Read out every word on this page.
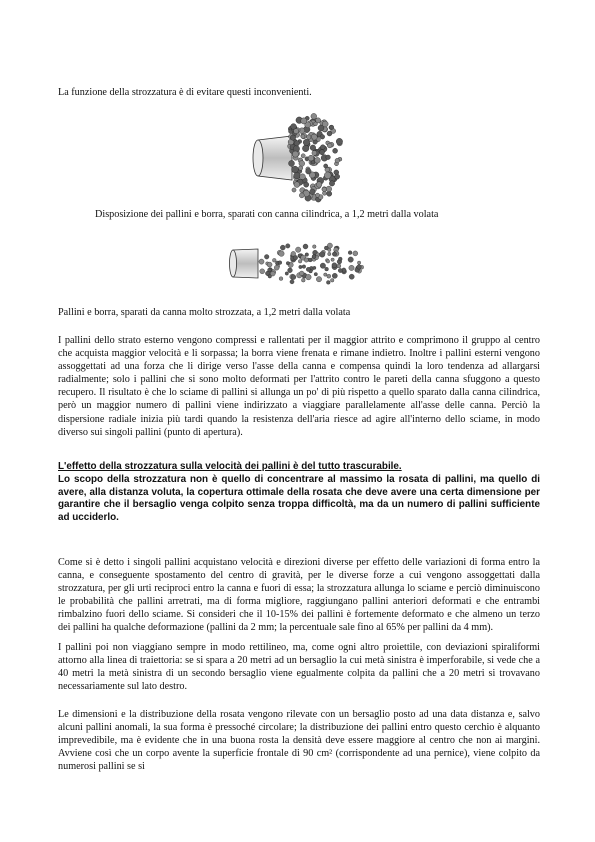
La funzione della strozzatura è di evitare questi inconvenienti.
Disposizione dei pallini e borra, sparati con canna cilindrica, a 1,2 metri dalla volata
Pallini e borra, sparati da canna molto strozzata, a 1,2 metri dalla volata
I pallini dello strato esterno vengono compressi e rallentati per il maggior attrito e comprimono il gruppo al centro che acquista maggior velocità e li sorpassa; la borra viene frenata e rimane indietro. Inoltre i pallini esterni vengono assoggettati ad una forza che li dirige verso l'asse della canna e compensa quindi la loro tendenza ad allargarsi radialmente; solo i pallini che si sono molto deformati per l'attrito contro le pareti della canna sfuggono a questo recupero. Il risultato è che lo sciame di pallini si allunga un po' di più rispetto a quello sparato dalla canna cilindrica, però un maggior numero di pallini viene indirizzato a viaggiare parallelamente all'asse delle canna. Perciò la dispersione radiale inizia più tardi quando la resistenza dell'aria riesce ad agire all'interno dello sciame, in modo diverso sui singoli pallini (punto di apertura).
L'effetto della strozzatura sulla velocità dei pallini è del tutto trascurabile.
Lo scopo della strozzatura non è quello di concentrare al massimo la rosata di pallini, ma quello di avere, alla distanza voluta, la copertura ottimale della rosata che deve avere una certa dimensione per garantire che il bersaglio venga colpito senza troppa difficoltà, ma da un numero di pallini sufficiente ad ucciderlo.
Come si è detto i singoli pallini acquistano velocità e direzioni diverse per effetto delle variazioni di forma entro la canna, e conseguente spostamento del centro di gravità, per le diverse forze a cui vengono assoggettati dalla strozzatura, per gli urti reciproci entro la canna e fuori di essa; la strozzatura allunga lo sciame e perciò diminuiscono le probabilità che pallini arretrati, ma di forma migliore, raggiungano pallini anteriori deformati e che entrambi rimbalzino fuori dello sciame. Si consideri che il 10-15% dei pallini è fortemente deformato e che almeno un terzo dei pallini ha qualche deformazione (pallini da 2 mm; la percentuale sale fino al 65% per pallini da 4 mm).
I pallini poi non viaggiano sempre in modo rettilineo, ma, come ogni altro proiettile, con deviazioni spiraliformi attorno alla linea di traiettoria: se si spara a 20 metri ad un bersaglio la cui metà sinistra è imperforabile, si vede che a 40 metri la metà sinistra di un secondo bersaglio viene egualmente colpita da pallini che a 20 metri si trovavano necessariamente sul lato destro.
Le dimensioni e la distribuzione della rosata vengono rilevate con un bersaglio posto ad una data distanza e, salvo alcuni pallini anomali, la sua forma è pressoché circolare; la distribuzione dei pallini entro questo cerchio è alquanto imprevedibile, ma è evidente che in una buona rosta la densità deve essere maggiore al centro che non ai margini. Avviene così che un corpo avente la superficie frontale di 90 cm² (corrispondente ad una pernice), viene colpito da numerosi pallini se si
